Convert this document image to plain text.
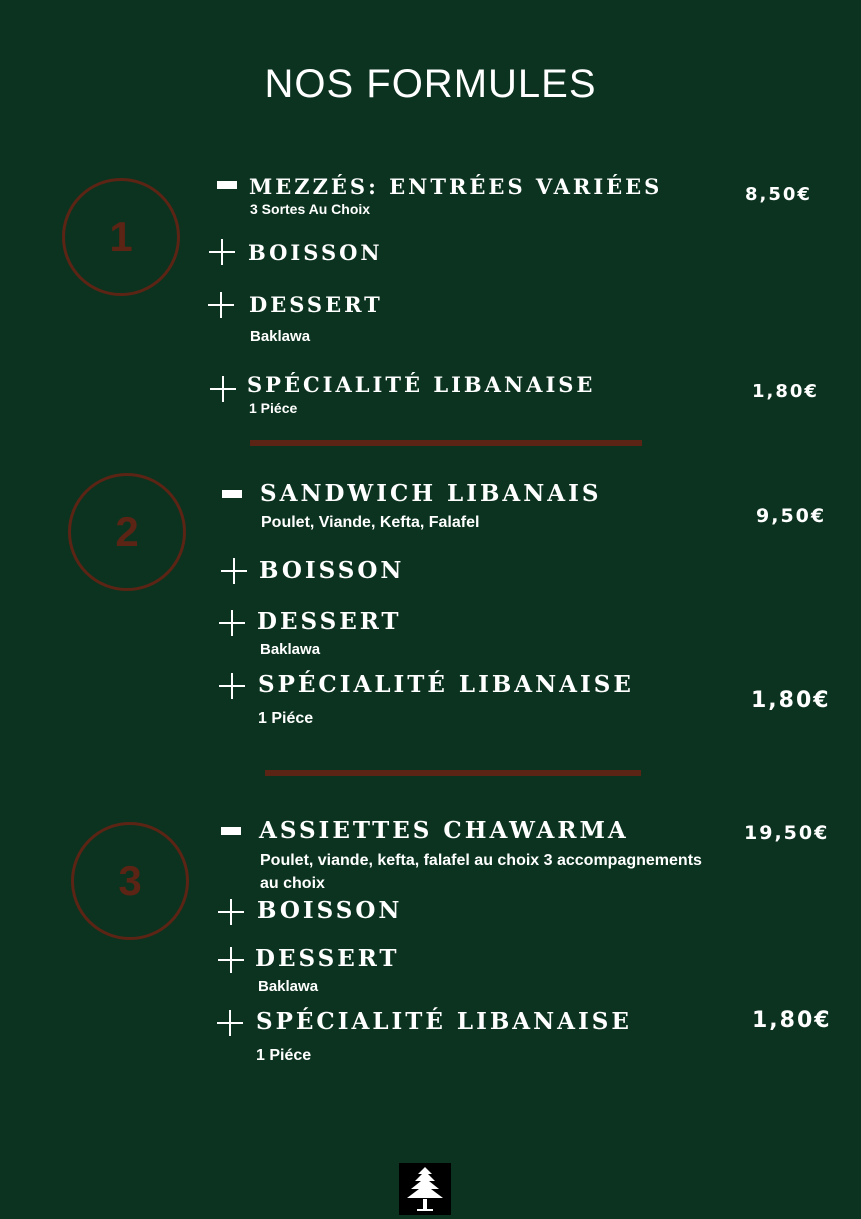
NOS FORMULES
1
MEZZÉS: ENTRÉES VARIÉES
3 Sortes Au Choix
8,50€
BOISSON
DESSERT
Baklawa
SPÉCIALITÉ LIBANAISE
1 Piéce
1,80€
2
SANDWICH LIBANAIS
Poulet, Viande, Kefta, Falafel	9,50€
BOISSON
DESSERT
Baklawa
SPÉCIALITÉ LIBANAISE
1 Piéce
1,80€
3
ASSIETTES CHAWARMA
Poulet, viande, kefta, falafel au choix 3 accompagnements
au choix
19,50€
BOISSON
DESSERT
Baklawa
SPÉCIALITÉ LIBANAISE
1 Piéce
1,80€
